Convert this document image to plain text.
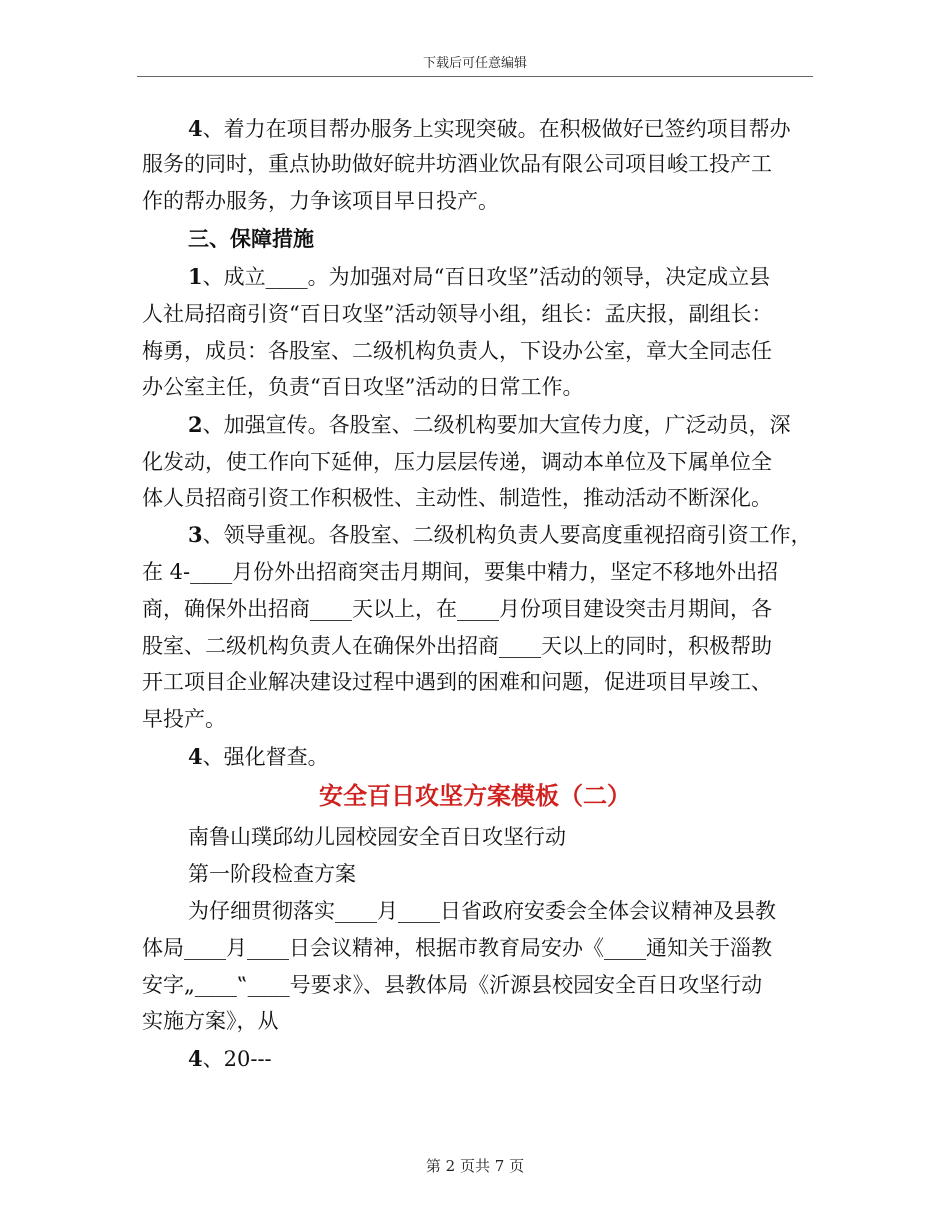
下载后可任意编辑
4、着力在项目帮办服务上实现突破。在积极做好已签约项目帮办
服务的同时，重点协助做好皖井坊酒业饮品有限公司项目峻工投产工
作的帮办服务，力争该项目早日投产。
三、保障措施
1、成立____。为加强对局“百日攻坚”活动的领导，决定成立县
人社局招商引资“百日攻坚”活动领导小组，组长：孟庆报，副组长：
梅勇，成员：各股室、二级机构负责人，下设办公室，章大全同志任
办公室主任，负责“百日攻坚”活动的日常工作。
2、加强宣传。各股室、二级机构要加大宣传力度，广泛动员，深
化发动，使工作向下延伸，压力层层传递，调动本单位及下属单位全
体人员招商引资工作积极性、主动性、制造性，推动活动不断深化。
3、领导重视。各股室、二级机构负责人要高度重视招商引资工作，
在 4-____月份外出招商突击月期间，要集中精力，坚定不移地外出招
商，确保外出招商____天以上，在____月份项目建设突击月期间，各
股室、二级机构负责人在确保外出招商____天以上的同时，积极帮助
开工项目企业解决建设过程中遇到的困难和问题，促进项目早竣工、
早投产。
4、强化督查。
安全百日攻坚方案模板（二）
南鲁山璞邱幼儿园校园安全百日攻坚行动
第一阶段检查方案
为仔细贯彻落实____月____日省政府安委会全体会议精神及县教
体局____月____日会议精神，根据市教育局安办《____通知关于淄教
安字„____‟____号要求》、县教体局《沂源县校园安全百日攻坚行动
实施方案》，从
4、20---
第 2 页共 7 页
